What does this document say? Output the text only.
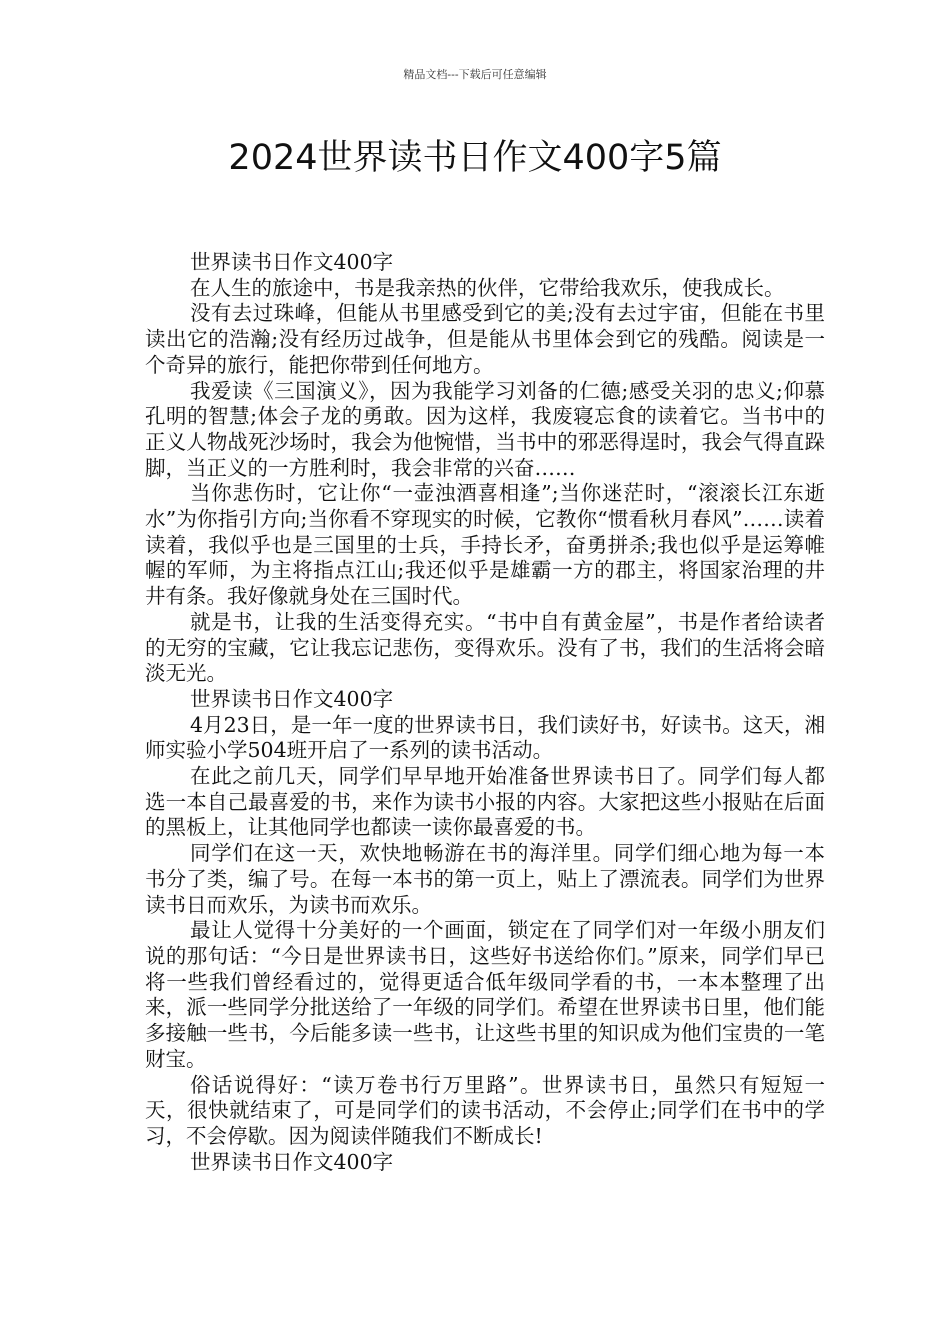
精品文档---下载后可任意编辑
2024世界读书日作文400字5篇

世界读书日作文400字

在人生的旅途中，书是我亲热的伙伴，它带给我欢乐，使我成长。

没有去过珠峰，但能从书里感受到它的美;没有去过宇宙，但能在书里读出它的浩瀚;没有经历过战争，但是能从书里体会到它的残酷。阅读是一个奇异的旅行，能把你带到任何地方。

我爱读《三国演义》，因为我能学习刘备的仁德;感受关羽的忠义;仰慕孔明的智慧;体会子龙的勇敢。因为这样，我废寝忘食的读着它。当书中的正义人物战死沙场时，我会为他惋惜，当书中的邪恶得逞时，我会气得直跺脚，当正义的一方胜利时，我会非常的兴奋……

当你悲伤时，它让你“一壶浊酒喜相逢”;当你迷茫时，“滚滚长江东逝水”为你指引方向;当你看不穿现实的时候，它教你“惯看秋月春风”……读着读着，我似乎也是三国里的士兵，手持长矛，奋勇拼杀;我也似乎是运筹帷幄的军师，为主将指点江山;我还似乎是雄霸一方的郡主，将国家治理的井井有条。我好像就身处在三国时代。

就是书，让我的生活变得充实。“书中自有黄金屋”，书是作者给读者的无穷的宝藏，它让我忘记悲伤，变得欢乐。没有了书，我们的生活将会暗淡无光。

世界读书日作文400字

4月23日，是一年一度的世界读书日，我们读好书，好读书。这天，湘师实验小学504班开启了一系列的读书活动。

在此之前几天，同学们早早地开始准备世界读书日了。同学们每人都选一本自己最喜爱的书，来作为读书小报的内容。大家把这些小报贴在后面的黑板上，让其他同学也都读一读你最喜爱的书。

同学们在这一天，欢快地畅游在书的海洋里。同学们细心地为每一本书分了类，编了号。在每一本书的第一页上，贴上了漂流表。同学们为世界读书日而欢乐，为读书而欢乐。

最让人觉得十分美好的一个画面，锁定在了同学们对一年级小朋友们说的那句话：“今日是世界读书日，这些好书送给你们。”原来，同学们早已将一些我们曾经看过的，觉得更适合低年级同学看的书，一本本整理了出来，派一些同学分批送给了一年级的同学们。希望在世界读书日里，他们能多接触一些书，今后能多读一些书，让这些书里的知识成为他们宝贵的一笔财宝。

俗话说得好：“读万卷书行万里路”。世界读书日，虽然只有短短一天，很快就结束了，可是同学们的读书活动，不会停止;同学们在书中的学习，不会停歇。因为阅读伴随我们不断成长!

世界读书日作文400字
